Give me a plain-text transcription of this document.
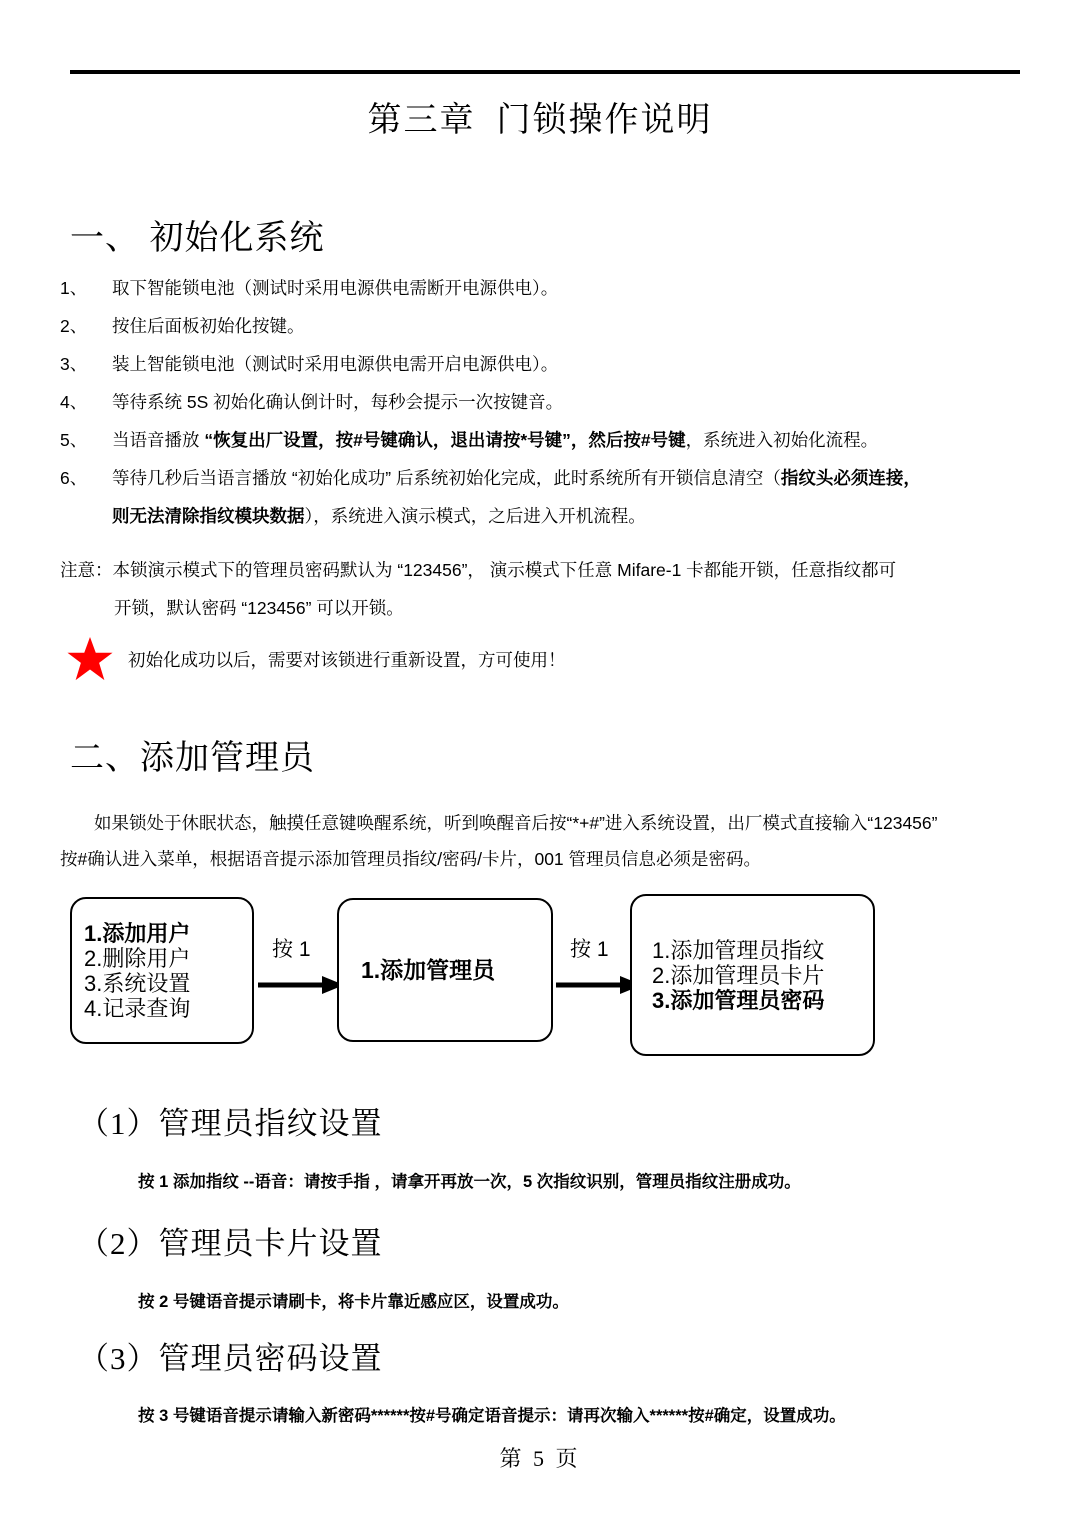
第三章  门锁操作说明
一、 初始化系统
1、	取下智能锁电池（测试时采用电源供电需断开电源供电）。
2、	按住后面板初始化按键。
3、	装上智能锁电池（测试时采用电源供电需开启电源供电）。
4、	等待系统 5S 初始化确认倒计时，每秒会提示一次按键音。
5、	当语音播放 “恢复出厂设置，按#号键确认，退出请按*号键”，然后按#号键，系统进入初始化流程。
6、	等待几秒后当语言播放 “初始化成功” 后系统初始化完成，此时系统所有开锁信息清空（指纹头必须连接，
则无法清除指纹模块数据），系统进入演示模式，之后进入开机流程。
注意：本锁演示模式下的管理员密码默认为 “123456”， 演示模式下任意 Mifare-1 卡都能开锁，任意指纹都可
开锁，默认密码 “123456” 可以开锁。
初始化成功以后，需要对该锁进行重新设置，方可使用！
二、添加管理员
如果锁处于休眠状态，触摸任意键唤醒系统，听到唤醒音后按“*+#”进入系统设置，出厂模式直接输入“123456”
按#确认进入菜单，根据语音提示添加管理员指纹/密码/卡片，001 管理员信息必须是密码。
1.添加用户
2.删除用户
3.系统设置
4.记录查询
按 1
1.添加管理员
按 1 1.添加管理员指纹
2.添加管理员卡片
3.添加管理员密码
（1）管理员指纹设置
按 1 添加指纹 --语音：请按手指 ，请拿开再放一次，5 次指纹识别，管理员指纹注册成功。
（2）管理员卡片设置
按 2 号键语音提示请刷卡，将卡片靠近感应区，设置成功。
（3）管理员密码设置
按 3 号键语音提示请输入新密码******按#号确定语音提示：请再次输入******按#确定，设置成功。
第 5 页
